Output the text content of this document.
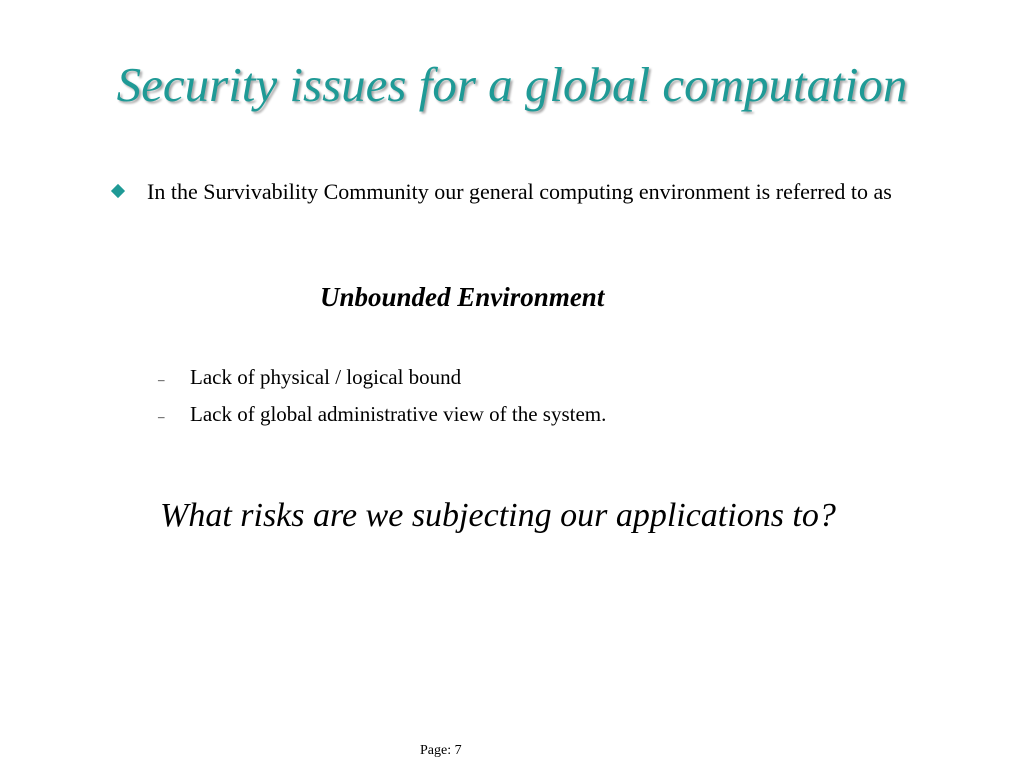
Security issues for a global computation

In the Survivability Community our general computing environment is referred to as

Unbounded Environment

–	Lack of physical / logical bound
–	Lack of global administrative view of the system.

What risks are we subjecting our applications to?

Page: 7
